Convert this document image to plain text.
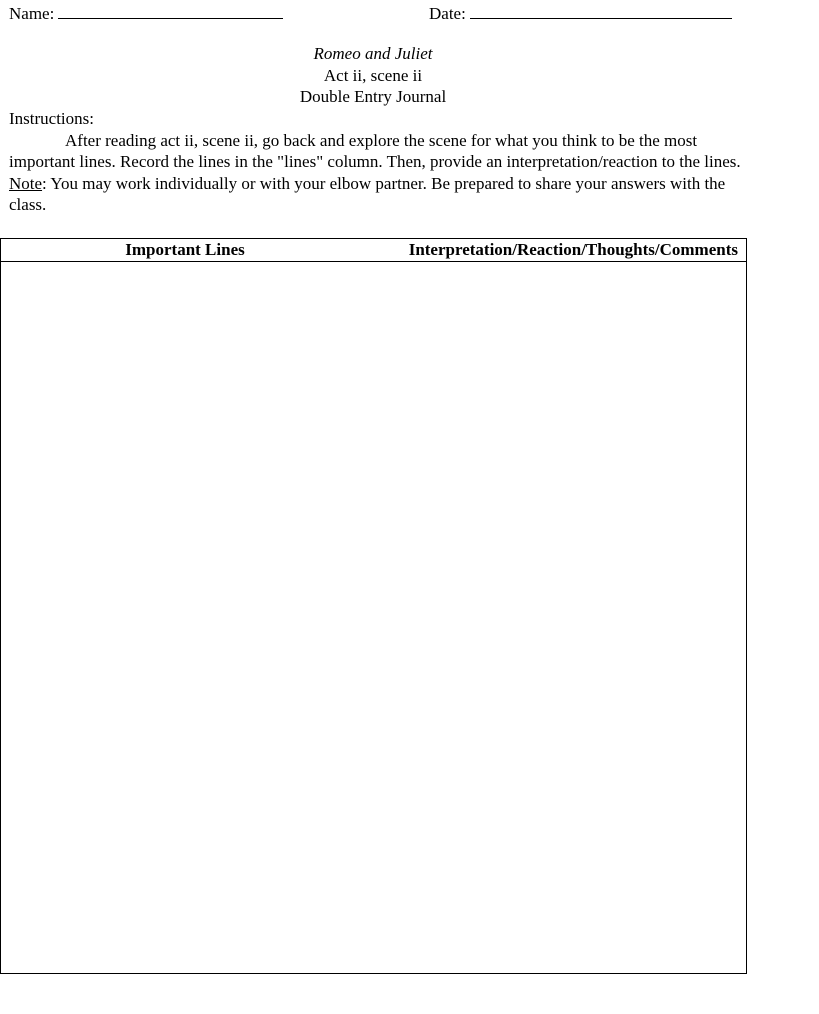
Name:	Date:
Romeo and Juliet
Act ii, scene ii
Double Entry Journal

Instructions:

After reading act ii, scene ii, go back and explore the scene for what you think to be the most important lines. Record the lines in the "lines" column. Then, provide an interpretation/reaction to the lines. Note: You may work individually or with your elbow partner. Be prepared to share your answers with the class.

Important Lines	Interpretation/Reaction/Thoughts/Comments
